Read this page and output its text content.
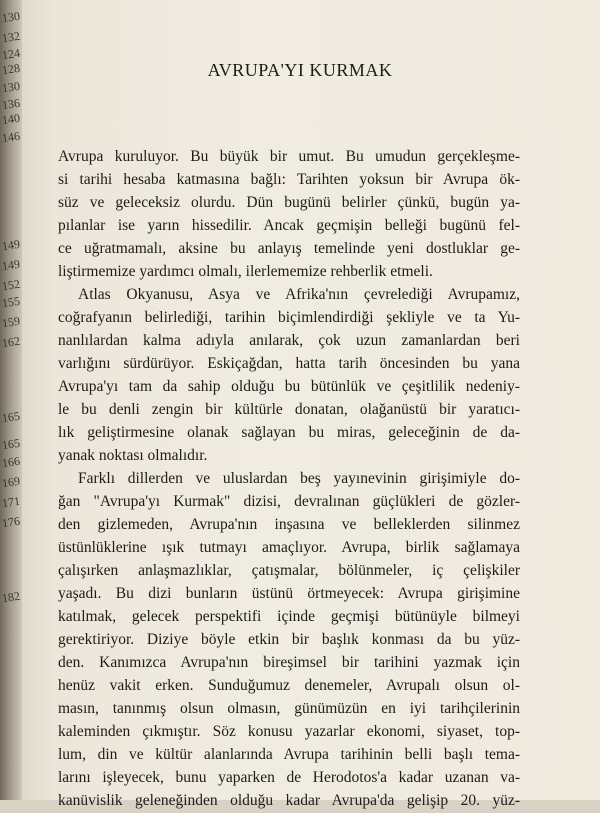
130
132
124
128
130
136
140
146
149
149
152
155
159
162
165
165
166
169
171
176
182
AVRUPA'YI KURMAK
Avrupa kuruluyor. Bu büyük bir umut. Bu umudun gerçekleşme-
si tarihi hesaba katmasına bağlı: Tarihten yoksun bir Avrupa ök-
süz ve geleceksiz olurdu. Dün bugünü belirler çünkü, bugün ya-
pılanlar ise yarın hissedilir. Ancak geçmişin belleği bugünü fel-
ce uğratmamalı, aksine bu anlayış temelinde yeni dostluklar ge-
liştirmemize yardımcı olmalı, ilerlememize rehberlik etmeli.
Atlas Okyanusu, Asya ve Afrika'nın çevrelediği Avrupamız,
coğrafyanın belirlediği, tarihin biçimlendirdiği şekliyle ve ta Yu-
nanlılardan kalma adıyla anılarak, çok uzun zamanlardan beri
varlığını sürdürüyor. Eskiçağdan, hatta tarih öncesinden bu yana
Avrupa'yı tam da sahip olduğu bu bütünlük ve çeşitlilik nedeniy-
le bu denli zengin bir kültürle donatan, olağanüstü bir yaratıcı-
lık geliştirmesine olanak sağlayan bu miras, geleceğinin de da-
yanak noktası olmalıdır.
Farklı dillerden ve uluslardan beş yayınevinin girişimiyle do-
ğan "Avrupa'yı Kurmak" dizisi, devralınan güçlükleri de gözler-
den gizlemeden, Avrupa'nın inşasına ve belleklerden silinmez
üstünlüklerine ışık tutmayı amaçlıyor. Avrupa, birlik sağlamaya
çalışırken anlaşmazlıklar, çatışmalar, bölünmeler, iç çelişkiler
yaşadı. Bu dizi bunların üstünü örtmeyecek: Avrupa girişimine
katılmak, gelecek perspektifi içinde geçmişi bütünüyle bilmeyi
gerektiriyor. Diziye böyle etkin bir başlık konması da bu yüz-
den. Kanımızca Avrupa'nın bireşimsel bir tarihini yazmak için
henüz vakit erken. Sunduğumuz denemeler, Avrupalı olsun ol-
masın, tanınmış olsun olmasın, günümüzün en iyi tarihçilerinin
kaleminden çıkmıştır. Söz konusu yazarlar ekonomi, siyaset, top-
lum, din ve kültür alanlarında Avrupa tarihinin belli başlı tema-
larını işleyecek, bunu yaparken de Herodotos'a kadar uzanan va-
kanüvislik geleneğinden olduğu kadar Avrupa'da gelişip 20. yüz-
